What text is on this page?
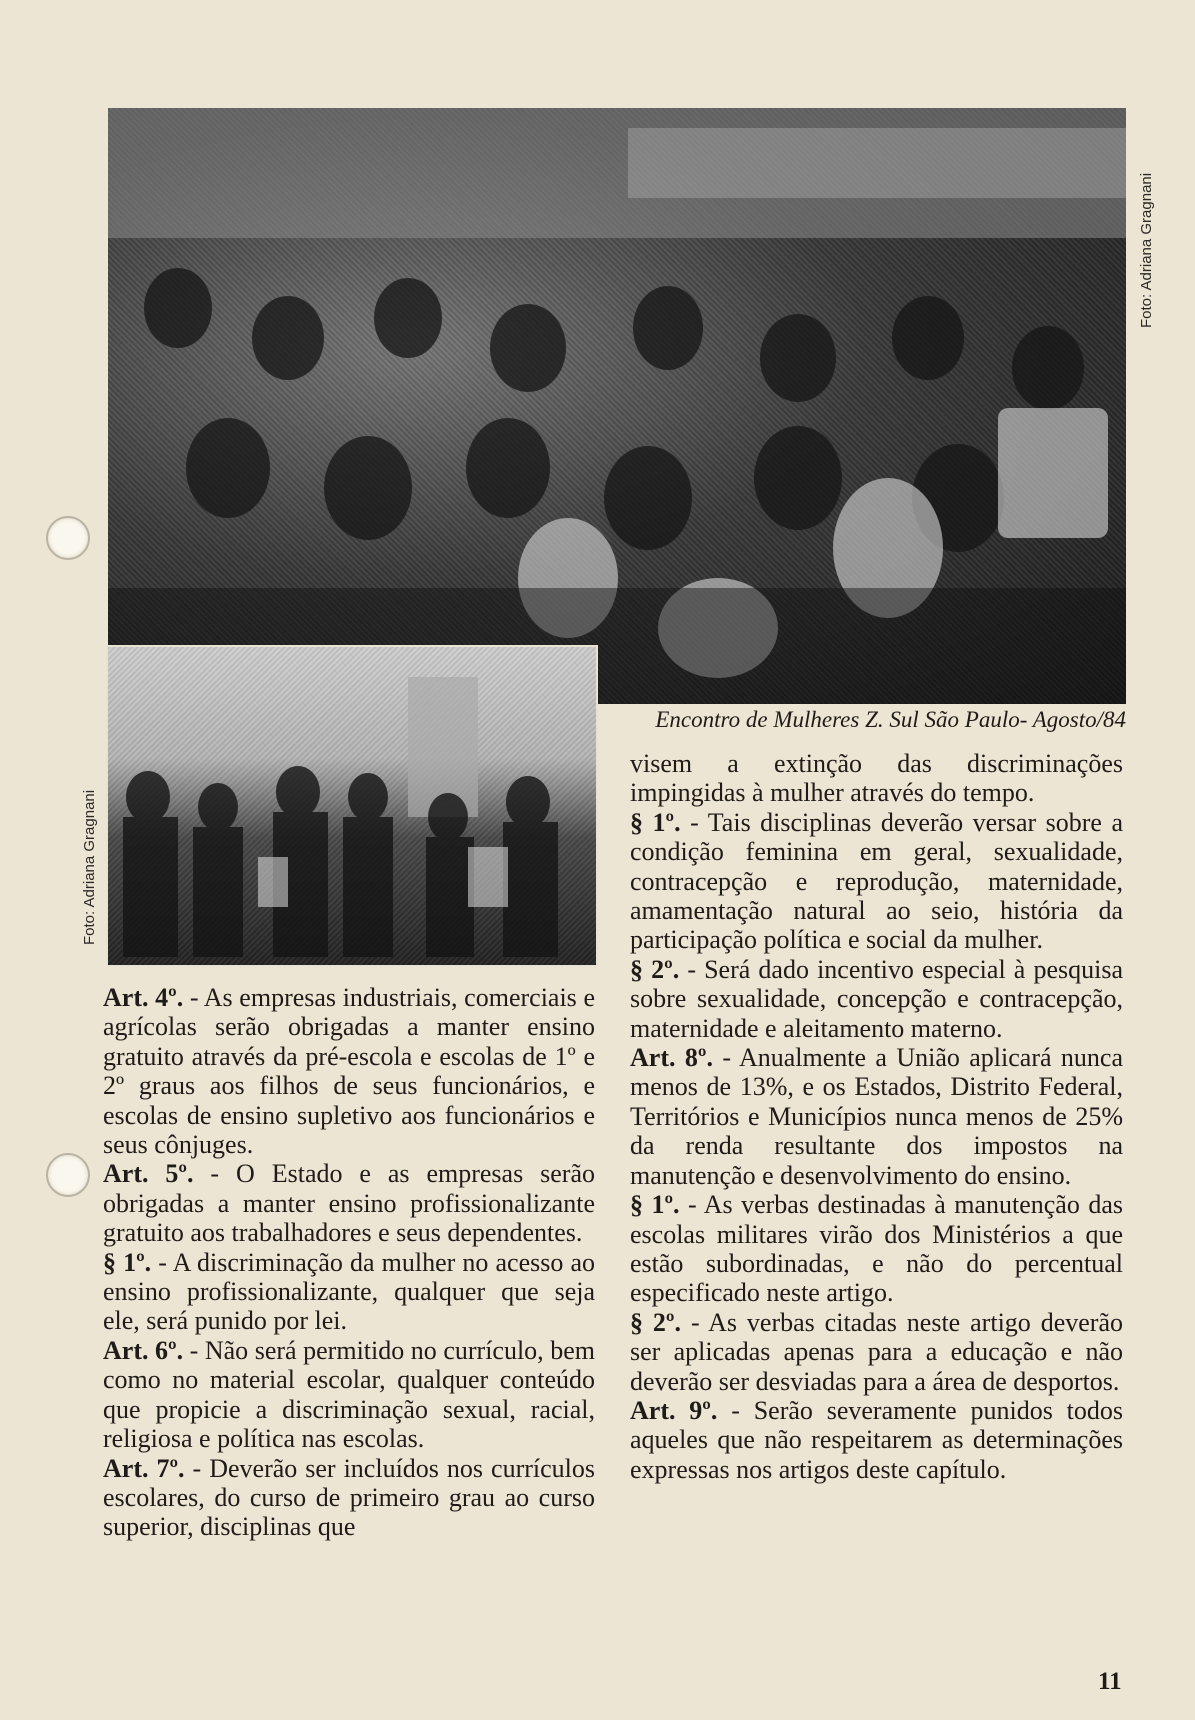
Foto: Adriana Gragnani
Foto: Adriana Gragnani
Encontro de Mulheres Z. Sul São Paulo- Agosto/84

Art. 4º. - As empresas industriais, comerciais e agrícolas serão obrigadas a manter ensino gratuito através da pré-escola e escolas de 1º e 2º graus aos filhos de seus funcionários, e escolas de ensino supletivo aos funcionários e seus cônjuges.

Art. 5º. - O Estado e as empresas serão obrigadas a manter ensino profissionalizante gratuito aos trabalhadores e seus dependentes.

§ 1º. - A discriminação da mulher no acesso ao ensino profissionalizante, qualquer que seja ele, será punido por lei.

Art. 6º. - Não será permitido no currículo, bem como no material escolar, qualquer conteúdo que propicie a discriminação sexual, racial, religiosa e política nas escolas.

Art. 7º. - Deverão ser incluídos nos currículos escolares, do curso de primeiro grau ao curso superior, disciplinas que

visem a extinção das discriminações impingidas à mulher através do tempo.

§ 1º. - Tais disciplinas deverão versar sobre a condição feminina em geral, sexualidade, contracepção e reprodução, maternidade, amamentação natural ao seio, história da participação política e social da mulher.

§ 2º. - Será dado incentivo especial à pesquisa sobre sexualidade, concepção e contracepção, maternidade e aleitamento materno.

Art. 8º. - Anualmente a União aplicará nunca menos de 13%, e os Estados, Distrito Federal, Territórios e Municípios nunca menos de 25% da renda resultante dos impostos na manutenção e desenvolvimento do ensino.

§ 1º. - As verbas destinadas à manutenção das escolas militares virão dos Ministérios a que estão subordinadas, e não do percentual especificado neste artigo.

§ 2º. - As verbas citadas neste artigo deverão ser aplicadas apenas para a educação e não deverão ser desviadas para a área de desportos.

Art. 9º. - Serão severamente punidos todos aqueles que não respeitarem as determinações expressas nos artigos deste capítulo.

11
